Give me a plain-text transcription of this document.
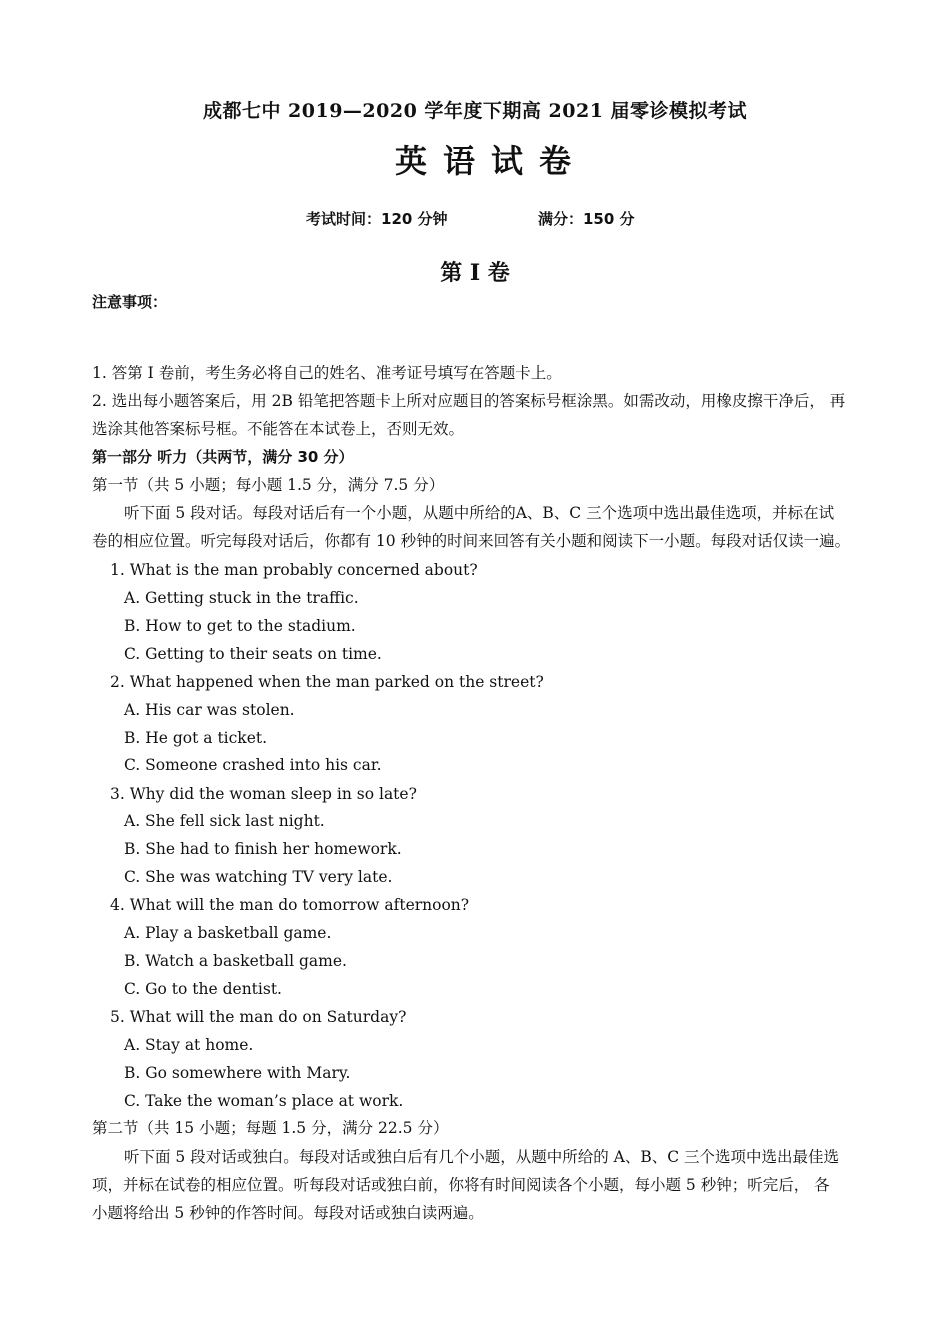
成都七中 2019—2020 学年度下期高 2021 届零诊模拟考试
英语试卷
考试时间：120 分钟	满分：150 分
第 I 卷
注意事项：
1. 答第 I 卷前，考生务必将自己的姓名、准考证号填写在答题卡上。
2. 选出每小题答案后，用 2B 铅笔把答题卡上所对应题目的答案标号框涂黑。如需改动，用橡皮擦干净后， 再
选涂其他答案标号框。不能答在本试卷上，否则无效。
第一部分 听力（共两节，满分 30 分）
第一节（共 5 小题；每小题 1.5 分，满分 7.5 分）
听下面 5 段对话。每段对话后有一个小题，从题中所给的A、B、C 三个选项中选出最佳选项，并标在试
卷的相应位置。听完每段对话后，你都有 10 秒钟的时间来回答有关小题和阅读下一小题。每段对话仅读一遍。
1. What is the man probably concerned about?
A. Getting stuck in the traffic.
B. How to get to the stadium.
C. Getting to their seats on time.
2. What happened when the man parked on the street?
A. His car was stolen.
B. He got a ticket.
C. Someone crashed into his car.
3. Why did the woman sleep in so late?
A. She fell sick last night.
B. She had to finish her homework.
C. She was watching TV very late.
4. What will the man do tomorrow afternoon?
A. Play a basketball game.
B. Watch a basketball game.
C. Go to the dentist.
5. What will the man do on Saturday?
A. Stay at home.
B. Go somewhere with Mary.
C. Take the woman’s place at work.
第二节（共 15 小题；每题 1.5 分，满分 22.5 分）
听下面 5 段对话或独白。每段对话或独白后有几个小题，从题中所给的 A、B、C 三个选项中选出最佳选
项，并标在试卷的相应位置。听每段对话或独白前，你将有时间阅读各个小题，每小题 5 秒钟；听完后， 各
小题将给出 5 秒钟的作答时间。每段对话或独白读两遍。
